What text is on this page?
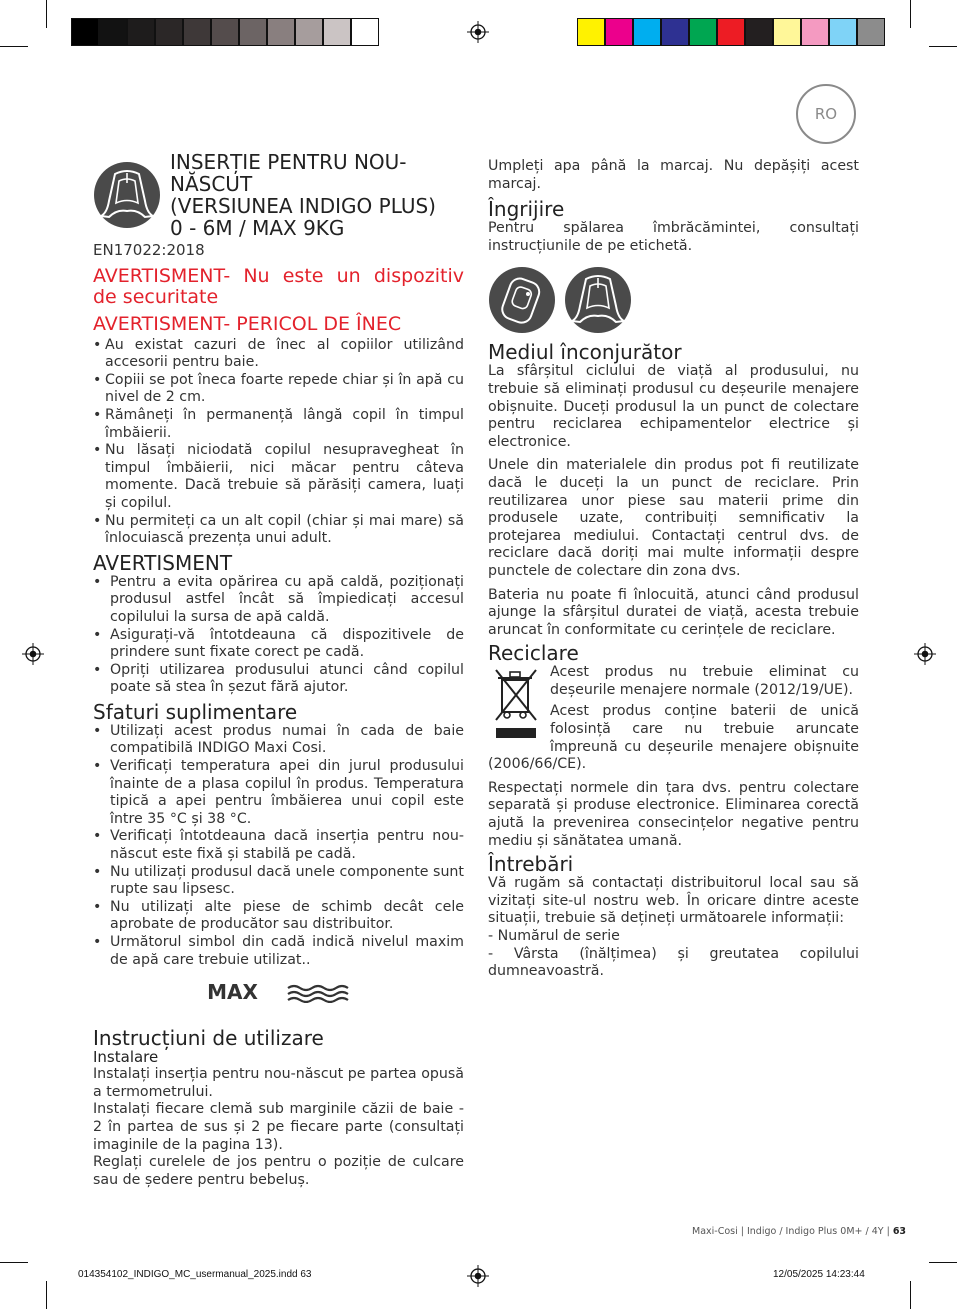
RO

INSERȚIE PENTRU NOU-NĂSCUT

(VERSIUNEA INDIGO PLUS)

0 - 6M / MAX 9KG

EN17022:2018

AVERTISMENT- Nu este un dispozitiv de securitate

AVERTISMENT- PERICOL DE ÎNEC

• Au existat cazuri de înec al copiilor utilizând accesorii pentru baie.
• Copiii se pot îneca foarte repede chiar și în apă cu nivel de 2 cm.
• Rămâneți în permanență lângă copil în timpul îmbăierii.
• Nu lăsați niciodată copilul nesupravegheat în timpul îmbăierii, nici măcar pentru câteva momente. Dacă trebuie să părăsiți camera, luați și copilul.
• Nu permiteți ca un alt copil (chiar și mai mare) să înlocuiască prezența unui adult.

AVERTISMENT

• Pentru a evita opărirea cu apă caldă, poziționați produsul astfel încât să împiedicați accesul copilului la sursa de apă caldă.
• Asigurați-vă întotdeauna că dispozitivele de prindere sunt fixate corect pe cadă.
• Opriți utilizarea produsului atunci când copilul poate să stea în șezut fără ajutor.

Sfaturi suplimentare

• Utilizați acest produs numai în cada de baie compatibilă INDIGO Maxi Cosi.
• Verificați temperatura apei din jurul produsului înainte de a plasa copilul în produs. Temperatura tipică a apei pentru îmbăierea unui copil este între 35 °C și 38 °C.
• Verificați întotdeauna dacă inserția pentru nou-născut este fixă și stabilă pe cadă.
• Nu utilizați produsul dacă unele componente sunt rupte sau lipsesc.
• Nu utilizați alte piese de schimb decât cele aprobate de producător sau distribuitor.
• Următorul simbol din cadă indică nivelul maxim de apă care trebuie utilizat..
MAX

Instrucțiuni de utilizare

Instalare

Instalați inserția pentru nou-născut pe partea opusă a termometrului.

Instalați fiecare clemă sub marginile căzii de baie - 2 în partea de sus și 2 pe fiecare parte (consultați imaginile de la pagina 13).

Reglați curelele de jos pentru o poziție de culcare sau de ședere pentru bebeluș.

Umpleți apa până la marcaj. Nu depășiți acest marcaj.

Îngrijire

Pentru spălarea îmbrăcămintei, consultați instrucțiunile de pe etichetă.

Mediul înconjurător

La sfârșitul ciclului de viață al produsului, nu trebuie să eliminați produsul cu deșeurile menajere obișnuite. Duceți produsul la un punct de colectare pentru reciclarea echipamentelor electrice și electronice.

Unele din materialele din produs pot fi reutilizate dacă le duceți la un punct de reciclare. Prin reutilizarea unor piese sau materii prime din produsele uzate, contribuiți semnificativ la protejarea mediului. Contactați centrul dvs. de reciclare dacă doriți mai multe informații despre punctele de colectare din zona dvs.

Bateria nu poate fi înlocuită, atunci când produsul ajunge la sfârșitul duratei de viață, acesta trebuie aruncat în conformitate cu cerințele de reciclare.

Reciclare

Acest produs nu trebuie eliminat cu deșeurile menajere normale (2012/19/UE).

Acest produs conține baterii de unică folosință care nu trebuie aruncate împreună cu deșeurile menajere obișnuite (2006/66/CE).

Respectați normele din țara dvs. pentru colectare separată și produse electronice. Eliminarea corectă ajută la prevenirea consecințelor negative pentru mediu și sănătatea umană.

Întrebări

Vă rugăm să contactați distribuitorul local sau să vizitați site-ul nostru web. În oricare dintre aceste situații, trebuie să dețineți următoarele informații:

- Numărul de serie

- Vârsta (înălțimea) și greutatea copilului dumneavoastră.

Maxi-Cosi | Indigo / Indigo Plus 0M+ / 4Y | 63
014354102_INDIGO_MC_usermanual_2025.indd 63	12/05/2025 14:23:44
